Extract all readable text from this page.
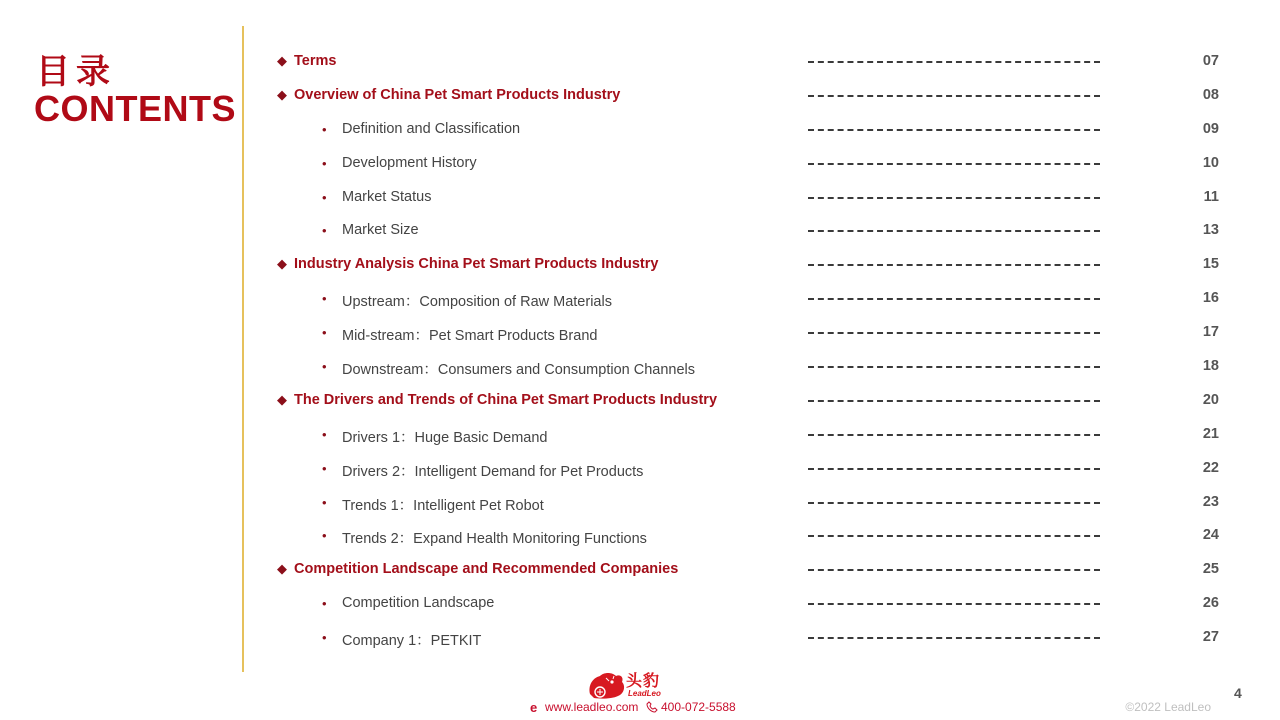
目录
CONTENTS
◆ Terms	07
◆ Overview of China Pet Smart Products Industry	08
• Definition and Classification	09
• Development History	10
• Market Status	11
• Market Size	13
◆ Industry Analysis China Pet Smart Products Industry	15
• Upstream：Composition of Raw Materials	16
• Mid-stream：Pet Smart Products Brand	17
• Downstream：Consumers and Consumption Channels	18
◆ The Drivers and Trends of China Pet Smart Products Industry	20
• Drivers 1：Huge Basic Demand	21
• Drivers 2：Intelligent Demand for Pet Products	22
• Trends 1：Intelligent Pet Robot	23
• Trends 2：Expand Health Monitoring Functions	24
◆ Competition Landscape and Recommended Companies	25
• Competition Landscape	26
• Company 1：PETKIT	27
头豹
LeadLeo
e www.leadleo.com 400-072-5588	©2022 LeadLeo
4
